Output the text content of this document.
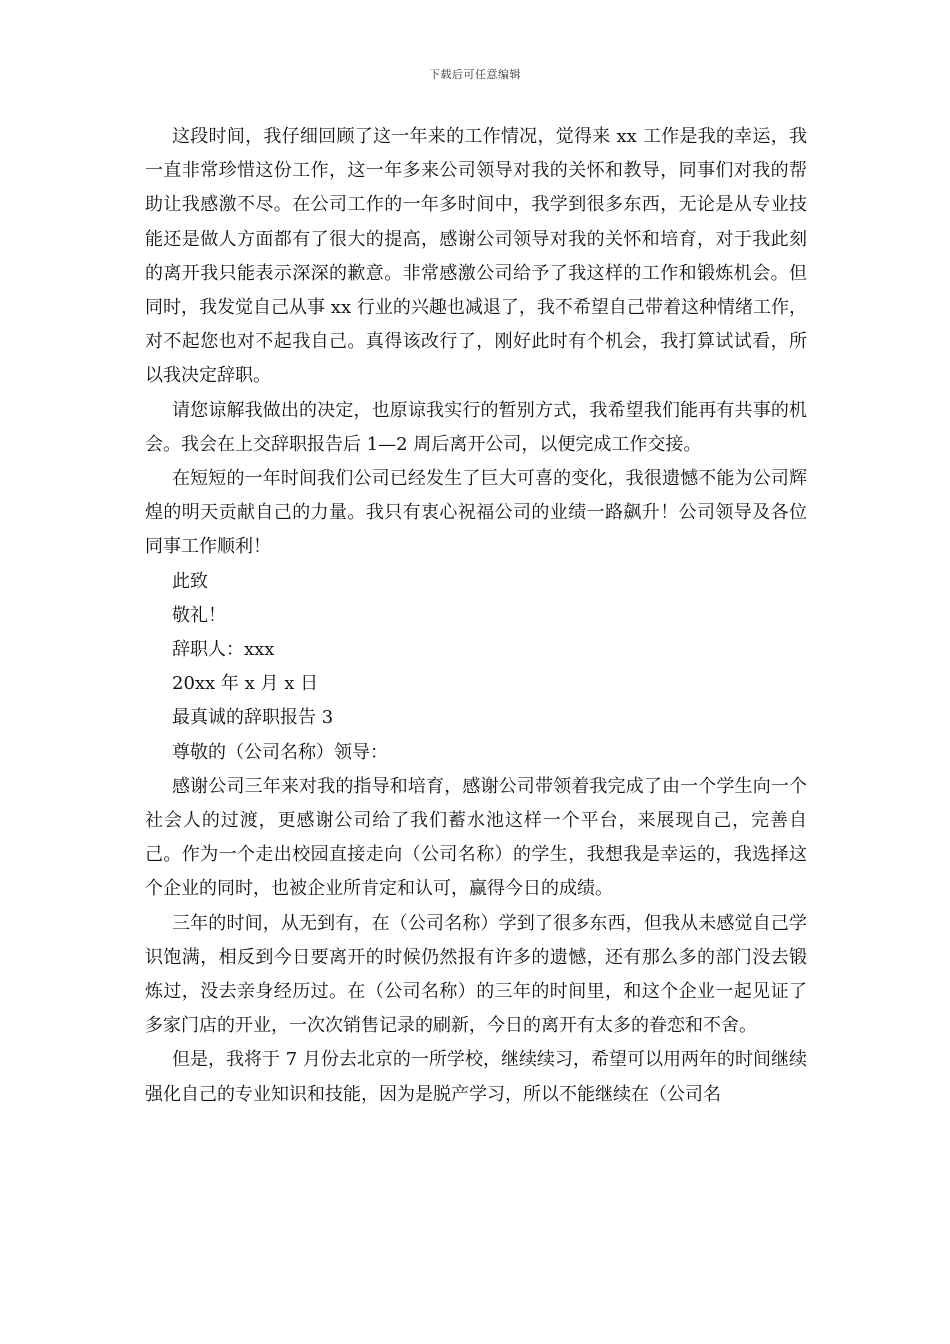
下载后可任意编辑

这段时间，我仔细回顾了这一年来的工作情况，觉得来 xx 工作是我的幸运，我一直非常珍惜这份工作，这一年多来公司领导对我的关怀和教导，同事们对我的帮助让我感激不尽。在公司工作的一年多时间中，我学到很多东西，无论是从专业技能还是做人方面都有了很大的提高，感谢公司领导对我的关怀和培育，对于我此刻的离开我只能表示深深的歉意。非常感激公司给予了我这样的工作和锻炼机会。但同时，我发觉自己从事 xx 行业的兴趣也减退了，我不希望自己带着这种情绪工作，对不起您也对不起我自己。真得该改行了，刚好此时有个机会，我打算试试看，所以我决定辞职。

请您谅解我做出的决定，也原谅我实行的暂别方式，我希望我们能再有共事的机会。我会在上交辞职报告后 1—2 周后离开公司，以便完成工作交接。

在短短的一年时间我们公司已经发生了巨大可喜的变化，我很遗憾不能为公司辉煌的明天贡献自己的力量。我只有衷心祝福公司的业绩一路飙升！公司领导及各位同事工作顺利！

此致

敬礼！

辞职人：xxx

20xx 年 x 月 x 日

最真诚的辞职报告 3

尊敬的（公司名称）领导：

感谢公司三年来对我的指导和培育，感谢公司带领着我完成了由一个学生向一个社会人的过渡，更感谢公司给了我们蓄水池这样一个平台，来展现自己，完善自己。作为一个走出校园直接走向（公司名称）的学生，我想我是幸运的，我选择这个企业的同时，也被企业所肯定和认可，赢得今日的成绩。

三年的时间，从无到有，在（公司名称）学到了很多东西，但我从未感觉自己学识饱满，相反到今日要离开的时候仍然报有许多的遗憾，还有那么多的部门没去锻炼过，没去亲身经历过。在（公司名称）的三年的时间里，和这个企业一起见证了多家门店的开业，一次次销售记录的刷新，今日的离开有太多的眷恋和不舍。

但是，我将于 7 月份去北京的一所学校，继续续习，希望可以用两年的时间继续强化自己的专业知识和技能，因为是脱产学习，所以不能继续在（公司名
